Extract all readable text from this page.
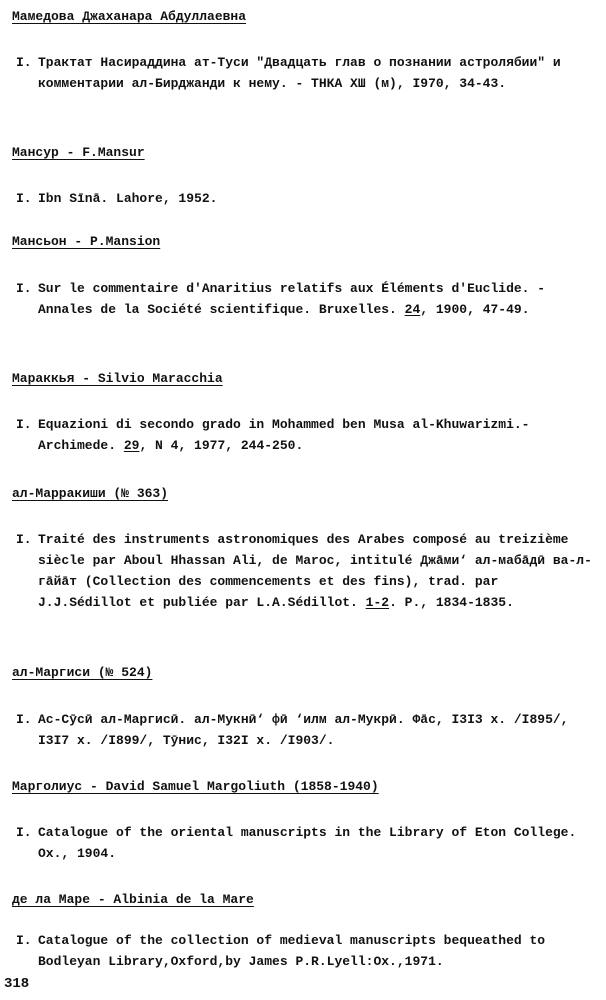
Мамедова Джаханара Абдуллаевна
I. Трактат Насираддина ат-Туси "Двадцать глав о познании астролябии" и комментарии ал-Бирджанди к нему. - ТНКА ХШ (м), I970, 34-43.
Мансур - F.Mansur
I. Ibn Sīnā. Lahore, 1952.
Мансьон - P.Mansion
I. Sur le commentaire d'Anaritius relatifs aux Éléments d'Euclide. - Annales de la Société scientifique. Bruxelles. 24, 1900, 47-49.
Мараккья - Silvio Maracchia
I. Equazioni di secondo grado in Mohammed ben Musa al-Khuwarizmi.-Archimede. 29, N 4, 1977, 244-250.
ал-Марракиши (№ 363)
I. Traité des instruments astronomiques des Arabes composé au treizième siècle par Aboul Hhassan Ali, de Maroc, intitulé Джāми‘ ал-мабāдӣ ва-л-гāйāт (Collection des commencements et des fins), trad. par J.J.Sédillot et publiée par L.A.Sédillot. 1-2. P., 1834-1835.
ал-Маргиси (№ 524)
I. Ас-Сӯсӣ ал-Маргисӣ. ал-Мукнӣ‘ фӣ ‘илм ал-Мукрӣ. Фāс, I3I3 х. /I895/, I3I7 х. /I899/, Тӯнис, I32I х. /I903/.
Марголиус - David Samuel Margoliuth (1858-1940)
I. Catalogue of the oriental manuscripts in the Library of Eton College. Ox., 1904.
де ла Маре - Albinia de la Mare
I. Catalogue of the collection of medieval manuscripts bequeathed to Bodleyan Library,Oxford,by James P.R.Lyell:Ox.,1971.
318
